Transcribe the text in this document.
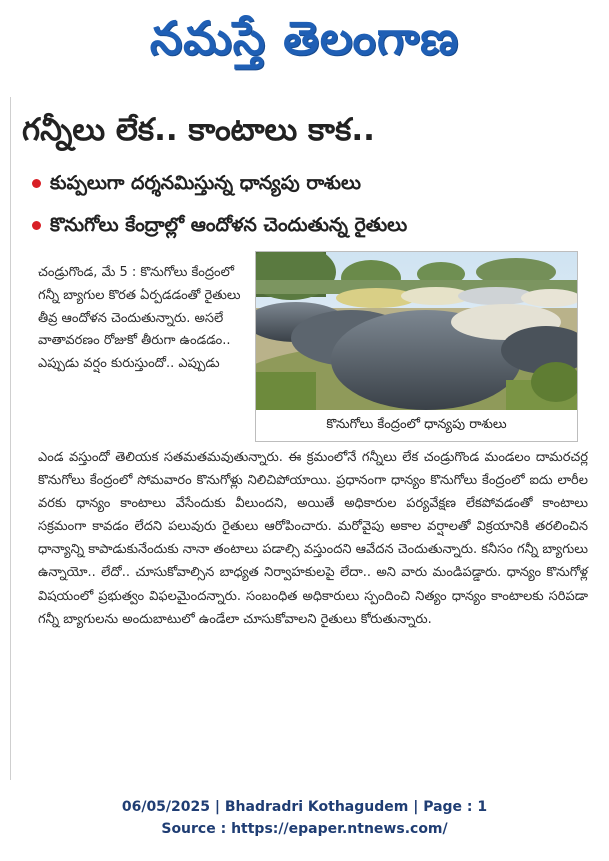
నమస్తే తెలంగాణ
గన్నీలు లేక.. కాంటాలు కాక..
కుప్పలుగా దర్శనమిస్తున్న ధాన్యపు రాశులు
కొనుగోలు కేంద్రాల్లో ఆందోళన చెందుతున్న రైతులు

చండ్రుగొండ, మే 5 : కొనుగోలు కేంద్రంలో గన్నీ బ్యాగుల కొరత ఏర్పడడంతో రైతులు తీవ్ర ఆందోళన చెందుతున్నారు. అసలే వాతావరణం రోజుకో తీరుగా ఉండడం.. ఎప్పుడు వర్షం కురుస్తుందో.. ఎప్పుడు

కొనుగోలు కేంద్రంలో ధాన్యపు రాశులు

ఎండ వస్తుందో తెలియక సతమతమవుతున్నారు. ఈ క్రమంలోనే గన్నీలు లేక చండ్రుగొండ మండలం దామరచర్ల కొనుగోలు కేంద్రంలో సోమవారం కొనుగోళ్లు నిలిచిపోయాయి. ప్రధానంగా ధాన్యం కొనుగోలు కేంద్రంలో ఐదు లారీల వరకు ధాన్యం కాంటాలు వేసేందుకు వీలుందని, అయితే అధికారుల పర్యవేక్షణ లేకపోవడంతో కాంటాలు సక్రమంగా కావడం లేదని పలువురు రైతులు ఆరోపించారు. మరోవైపు అకాల వర్షాలతో విక్రయానికి తరలించిన ధాన్యాన్ని కాపాడుకునేందుకు నానా తంటాలు పడాల్సి వస్తుందని ఆవేదన చెందుతున్నారు. కనీసం గన్నీ బ్యాగులు ఉన్నాయో.. లేదో.. చూసుకోవాల్సిన బాధ్యత నిర్వాహకులపై లేదా.. అని వారు మండిపడ్డారు. ధాన్యం కొనుగోళ్ల విషయంలో ప్రభుత్వం విఫలమైందన్నారు. సంబంధిత అధికారులు స్పందించి నిత్యం ధాన్యం కాంటాలకు సరిపడా గన్నీ బ్యాగులను అందుబాటులో ఉండేలా చూసుకోవాలని రైతులు కోరుతున్నారు.

06/05/2025 | Bhadradri Kothagudem | Page : 1
Source : https://epaper.ntnews.com/
